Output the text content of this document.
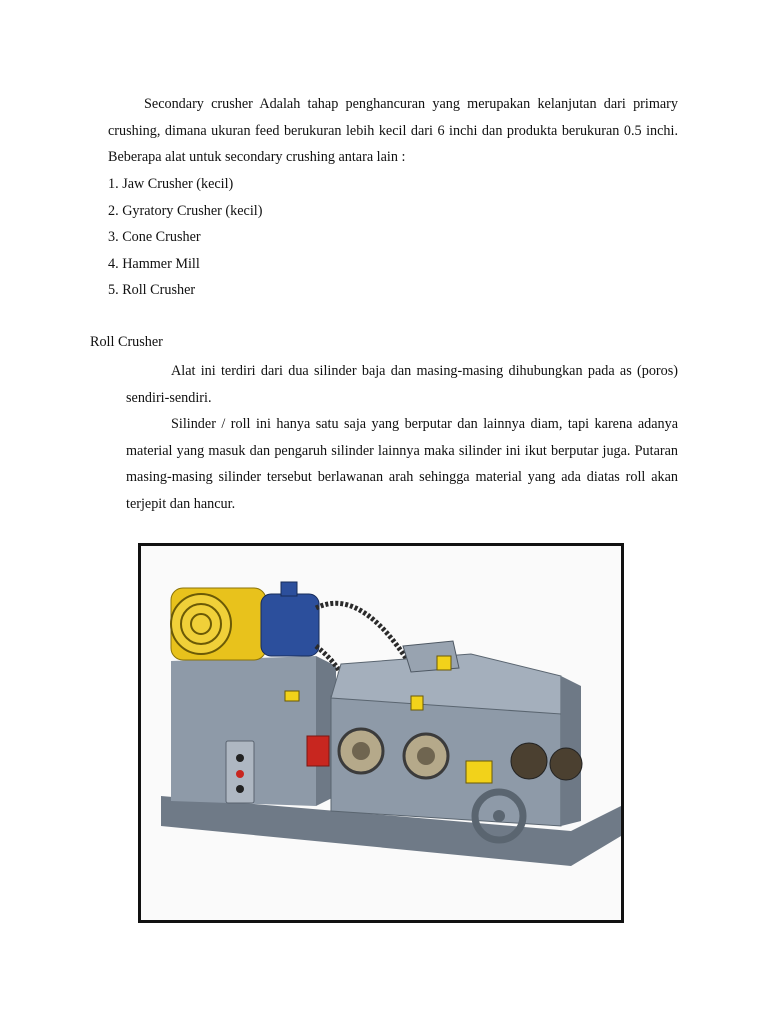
Secondary crusher Adalah tahap penghancuran yang merupakan kelanjutan dari primary crushing, dimana ukuran feed berukuran lebih kecil dari 6 inchi dan produkta berukuran 0.5 inchi. Beberapa alat untuk secondary crushing antara lain :

1. Jaw Crusher (kecil)
2. Gyratory Crusher (kecil)
3. Cone Crusher
4. Hammer Mill
5. Roll Crusher
Roll Crusher

Alat ini terdiri dari dua silinder baja dan masing-masing dihubungkan pada as (poros) sendiri-sendiri.

Silinder / roll ini hanya satu saja yang berputar dan lainnya diam, tapi karena adanya material yang masuk dan pengaruh silinder lainnya maka silinder ini ikut berputar juga. Putaran masing-masing silinder tersebut berlawanan arah sehingga material yang ada diatas roll akan terjepit dan hancur.
